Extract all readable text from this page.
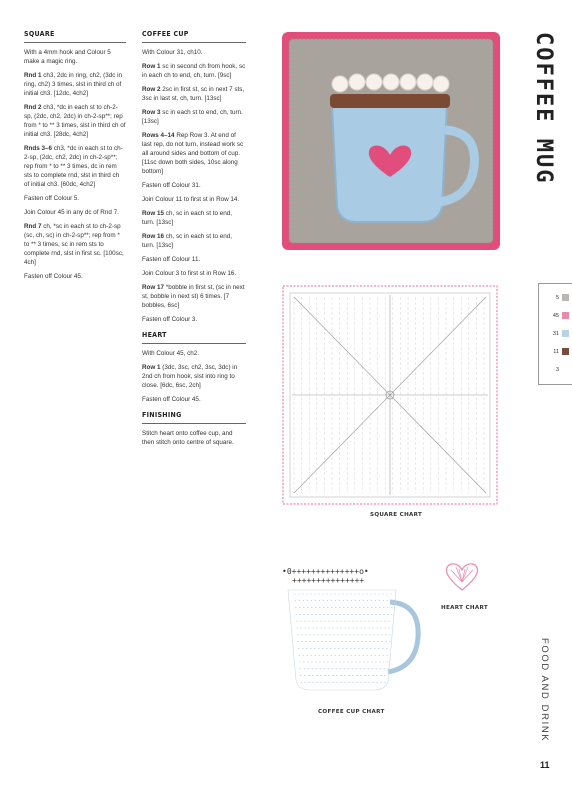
SQUARE

With a 4mm hook and Colour 5 make a magic ring.

Rnd 1 ch3, 2dc in ring, ch2, (3dc in ring, ch2) 3 times, slst in third ch of initial ch3. [12dc, 4ch2]

Rnd 2 ch3, *dc in each st to ch-2-sp, (2dc, ch2, 2dc) in ch-2-sp**; rep from * to ** 3 times, slst in third ch of initial ch3. [28dc, 4ch2]

Rnds 3–6 ch3, *dc in each st to ch-2-sp, (2dc, ch2, 2dc) in ch-2-sp**; rep from * to ** 3 times, dc in rem sts to complete rnd, slst in third ch of initial ch3. [60dc, 4ch2]

Fasten off Colour 5.

Join Colour 45 in any dc of Rnd 7.

Rnd 7 ch, *sc in each st to ch-2-sp (sc, ch, sc) in ch-2-sp**; rep from * to ** 3 times, sc in rem sts to complete rnd, slst in first sc. [100sc, 4ch]

Fasten off Colour 45.

COFFEE CUP

With Colour 31, ch10.

Row 1 sc in second ch from hook, sc in each ch to end, ch, turn. [9sc]

Row 2 2sc in first st, sc in next 7 sts, 3sc in last st, ch, turn. [13sc]

Row 3 sc in each st to end, ch, turn. [13sc]

Rows 4–14 Rep Row 3. At end of last rep, do not turn, instead work sc all around sides and bottom of cup. [11sc down both sides, 10sc along bottom]

Fasten off Colour 31.

Join Colour 11 to first st in Row 14.

Row 15 ch, sc in each st to end, turn. [13sc]

Row 16 ch, sc in each st to end, turn. [13sc]

Fasten off Colour 11.

Join Colour 3 to first st in Row 16.

Row 17 *bobble in first st, (sc in next st, bobble in next st) 6 times. [7 bobbles, 6sc]

Fasten off Colour 3.

HEART

With Colour 45, ch2.

Row 1 (3dc, 3sc, ch2, 3sc, 3dc) in 2nd ch from hook, slst into ring to close. [6dc, 6sc, 2ch]

Fasten off Colour 45.

FINISHING

Stitch heart onto coffee cup, and then stitch onto centre of square.

SQUARE CHART
•0++++++++++++++o•
+++++++++++++++
COFFEE CUP CHART
HEART CHART
COFFEE MUG
5
45
31
11
3
FOOD AND DRINK
11
